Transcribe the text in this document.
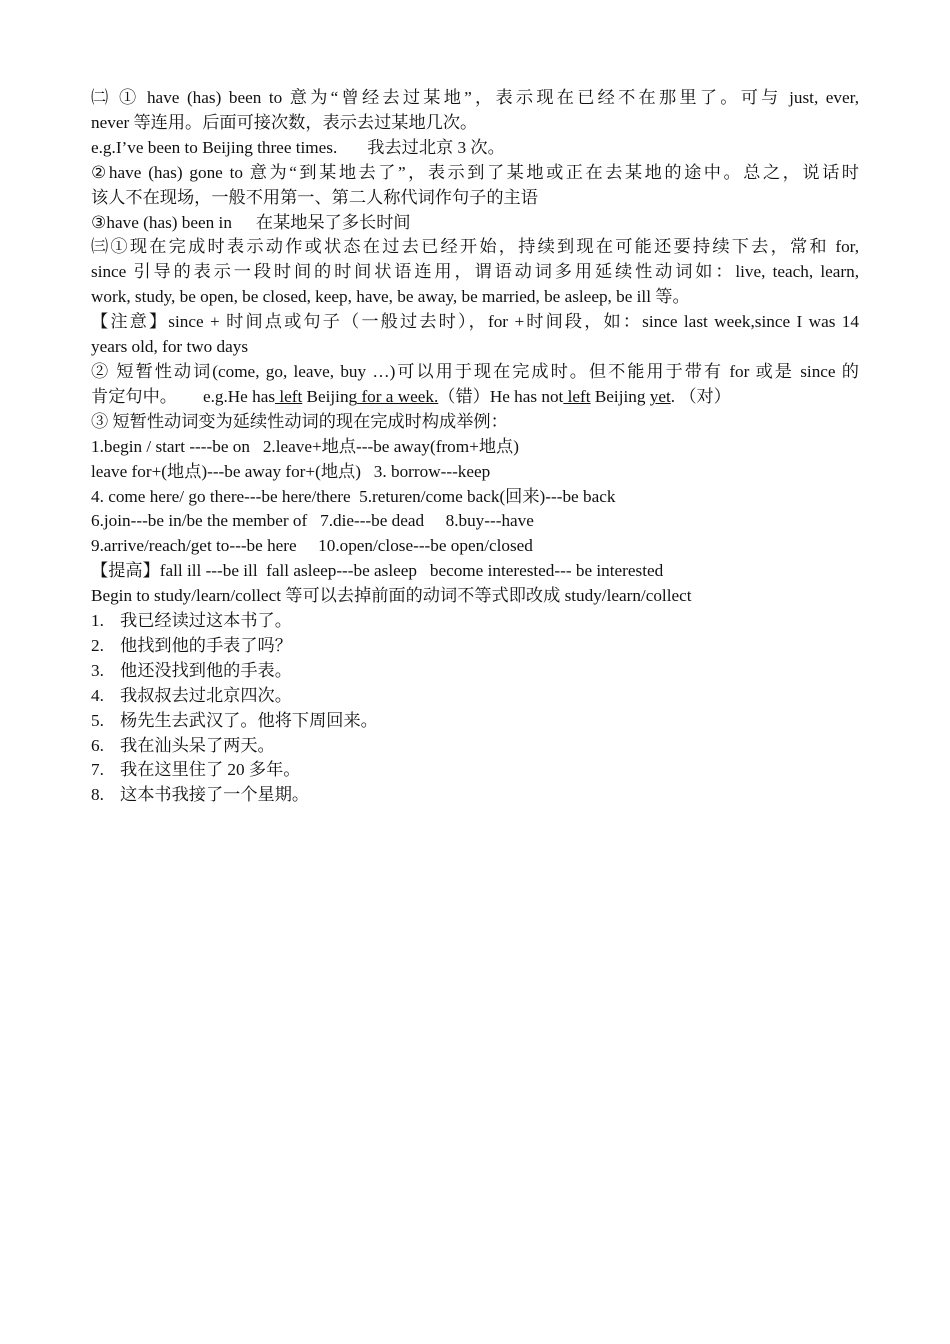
㈡ ① have (has) been to 意为“曾经去过某地”，表示现在已经不在那里了。可与 just, ever,
never 等连用。后面可接次数，表示去过某地几次。
e.g.I’ve been to Beijing three times. 我去过北京 3 次。
②have (has) gone to 意为“到某地去了”，表示到了某地或正在去某地的途中。总之，说话时
该人不在现场，一般不用第一、第二人称代词作句子的主语
③have (has) been in 在某地呆了多长时间
㈢①现在完成时表示动作或状态在过去已经开始，持续到现在可能还要持续下去，常和 for,
since 引导的表示一段时间的时间状语连用，谓语动词多用延续性动词如：live, teach, learn,
work, study, be open, be closed, keep, have, be away, be married, be asleep, be ill 等。
【注意】since + 时间点或句子（一般过去时），for +时间段，如：since last week,since I was 14
years old, for two days
② 短暂性动词(come, go, leave, buy …)可以用于现在完成时。但不能用于带有 for 或是 since 的
肯定句中。 e.g.He has left Beijing for a week.（错）He has not left Beijing yet. （对）
③ 短暂性动词变为延续性动词的现在完成时构成举例：
1.begin / start ----be on   2.leave+地点---be away(from+地点)
leave for+(地点)---be away for+(地点)   3. borrow---keep
4. come here/ go there---be here/there  5.returen/come back(回来)---be back
6.join---be in/be the member of   7.die---be dead     8.buy---have
9.arrive/reach/get to---be here     10.open/close---be open/closed
【提高】fall ill ---be ill  fall asleep---be asleep   become interested--- be interested
Begin to study/learn/collect 等可以去掉前面的动词不等式即改成 study/learn/collect
1. 我已经读过这本书了。
2. 他找到他的手表了吗？
3. 他还没找到他的手表。
4. 我叔叔去过北京四次。
5. 杨先生去武汉了。他将下周回来。
6. 我在汕头呆了两天。
7. 我在这里住了 20 多年。
8. 这本书我接了一个星期。
